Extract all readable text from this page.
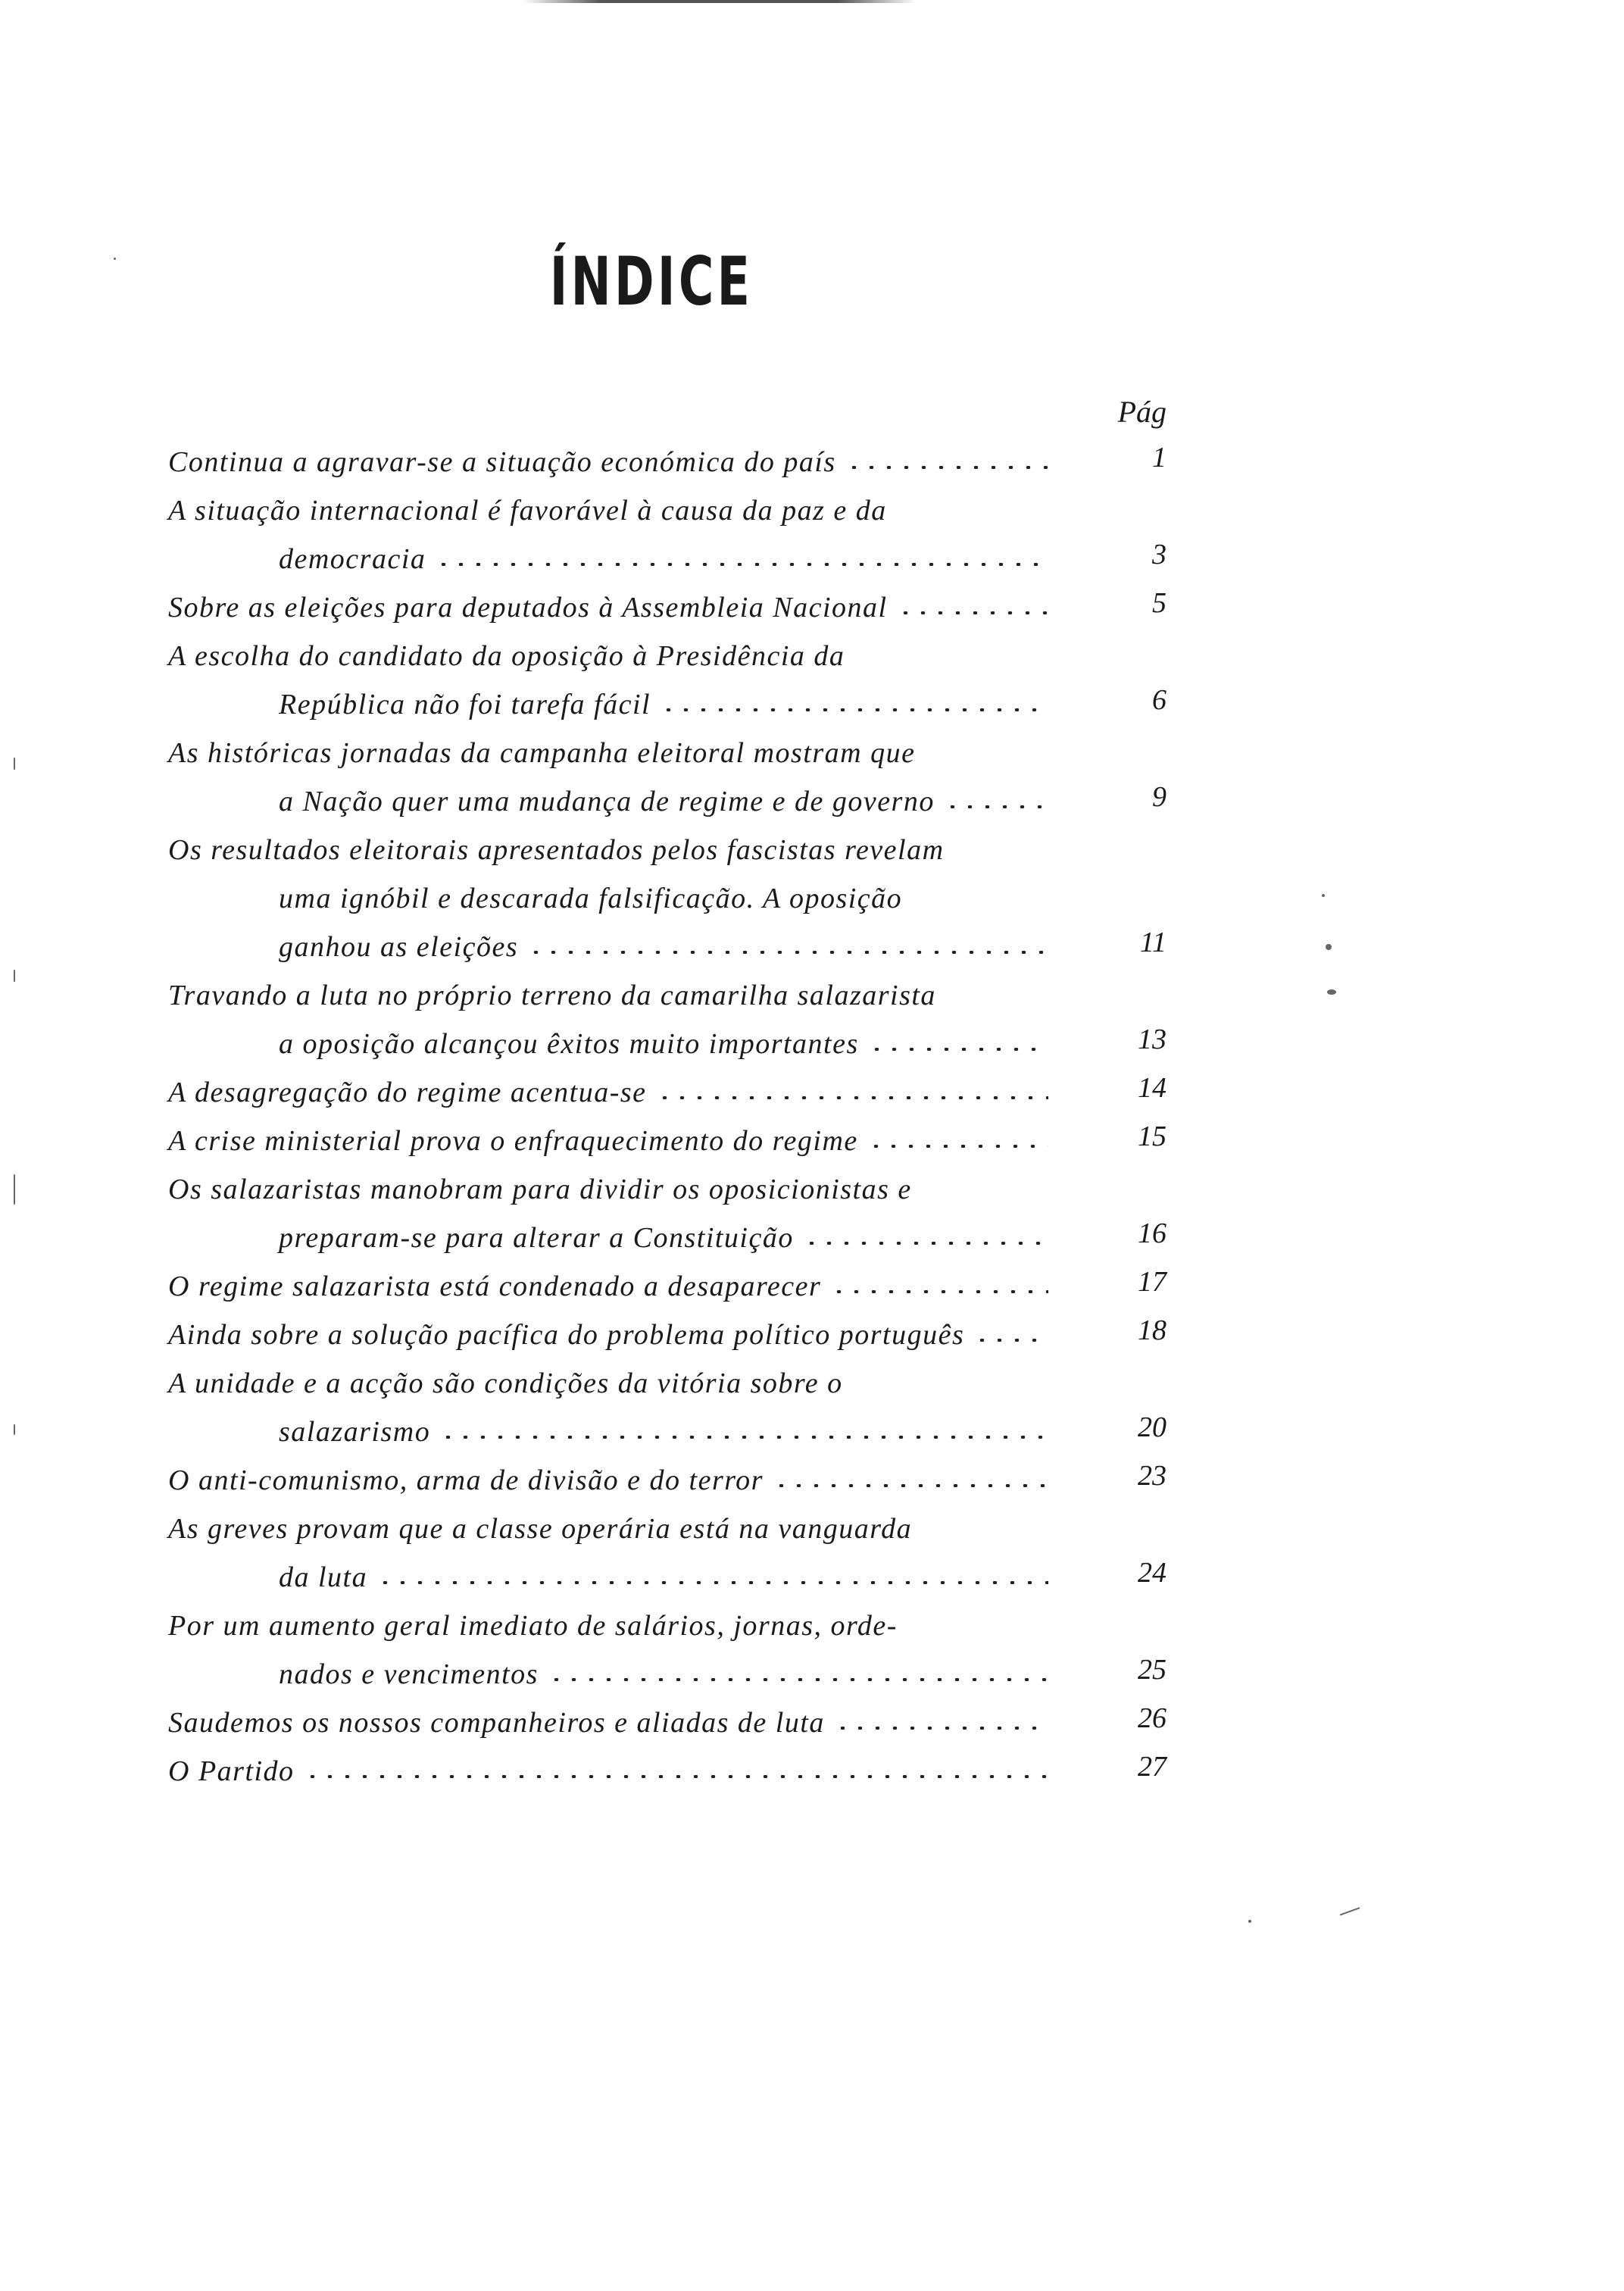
ÍNDICE
Pág
Continua a agravar-se a situação económica do país	1
A situação internacional é favorável à causa da paz e da
democracia	3
Sobre as eleições para deputados à Assembleia Nacional	5
A escolha do candidato da oposição à Presidência da
República não foi tarefa fácil	6
As históricas jornadas da campanha eleitoral mostram que
a Nação quer uma mudança de regime e de governo	9
Os resultados eleitorais apresentados pelos fascistas revelam
uma ignóbil e descarada falsificação. A oposição
ganhou as eleições	11
Travando a luta no próprio terreno da camarilha salazarista
a oposição alcançou êxitos muito importantes	13
A desagregação do regime acentua-se	14
A crise ministerial prova o enfraquecimento do regime	15
Os salazaristas manobram para dividir os oposicionistas e
preparam-se para alterar a Constituição	16
O regime salazarista está condenado a desaparecer	17
Ainda sobre a solução pacífica do problema político português	18
A unidade e a acção são condições da vitória sobre o
salazarismo	20
O anti-comunismo, arma de divisão e do terror	23
As greves provam que a classe operária está na vanguarda
da luta	24
Por um aumento geral imediato de salários, jornas, orde-
nados e vencimentos	25
Saudemos os nossos companheiros e aliadas de luta	26
O Partido	27
